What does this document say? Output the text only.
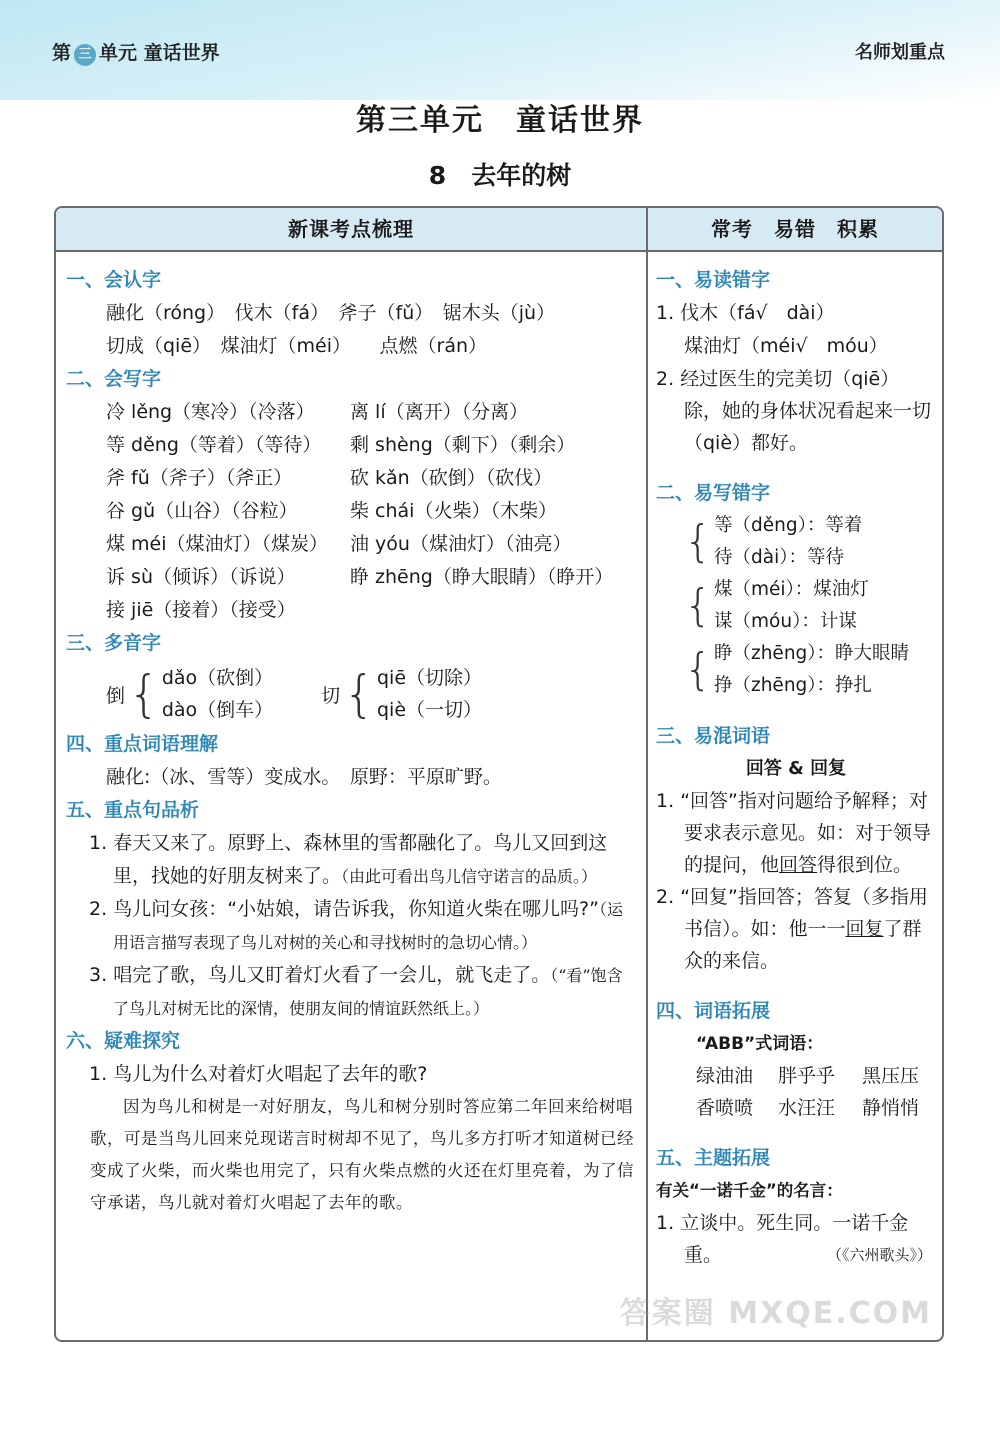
第 三 单元 童话世界	名师划重点
第三单元　童话世界
8　去年的树
新课考点梳理	常考　易错　积累
一、会认字
融化（róng）　 伐木（fá）　 斧子（fǔ）　 锯木头（jù）
切成（qiē）　 煤油灯（méi）　　 点燃（rán）
二、会写字
冷 lěng（寒冷）（冷落）	离 lí（离开）（分离）
等 děng（等着）（等待）	剩 shèng（剩下）（剩余）
斧 fǔ（斧子）（斧正）	砍 kǎn（砍倒）（砍伐）
谷 gǔ（山谷）（谷粒）	柴 chái（火柴）（木柴）
煤 méi（煤油灯）（煤炭）	油 yóu（煤油灯）（油亮）
诉 sù（倾诉）（诉说）	睁 zhēng（睁大眼睛）（睁开）
接 jiē（接着）（接受）
三、多音字
倒 { dǎo（砍倒）
dào（倒车）
切 { qiē（切除）
qiè（一切）
四、重点词语理解
融化:（冰、雪等）变成水。　原野：平原旷野。
五、重点句品析
1. 春天又来了。原野上、森林里的雪都融化了。鸟儿又回到这里，找她的好朋友树来了。（由此可看出鸟儿信守诺言的品质。）
2. 鸟儿问女孩：“小姑娘，请告诉我，你知道火柴在哪儿吗?”（运用语言描写表现了鸟儿对树的关心和寻找树时的急切心情。）
3. 唱完了歌，鸟儿又盯着灯火看了一会儿，就飞走了。（“看”饱含了鸟儿对树无比的深情，使朋友间的情谊跃然纸上。）
六、疑难探究
1. 鸟儿为什么对着灯火唱起了去年的歌?
因为鸟儿和树是一对好朋友，鸟儿和树分别时答应第二年回来给树唱歌，可是当鸟儿回来兑现诺言时树却不见了，鸟儿多方打听才知道树已经变成了火柴，而火柴也用完了，只有火柴点燃的火还在灯里亮着，为了信守承诺，鸟儿就对着灯火唱起了去年的歌。
一、易读错字
1. 伐木（fá√　dài）
煤油灯（méi√　móu）
2. 经过医生的完美切（qiē）除，她的身体状况看起来一切（qiè）都好。
二、易写错字
{ 等（děng）：等着
待（dài）：等待
{ 煤（méi）：煤油灯
谋（móu）：计谋
{ 睁（zhēng）：睁大眼睛
挣（zhēng）：挣扎
三、易混词语
回答 & 回复
1. “回答”指对问题给予解释；对要求表示意见。如：对于领导的提问，他回答得很到位。
2. “回复”指回答；答复（多指用书信）。如：他一一回复了群众的来信。
四、词语拓展
“ABB”式词语：
绿油油	胖乎乎	黑压压
香喷喷	水汪汪	静悄悄
五、主题拓展
有关“一诺千金”的名言：
1. 立谈中。死生同。一诺千金重。	（《六州歌头》）
答案圈 MXQE.COM
